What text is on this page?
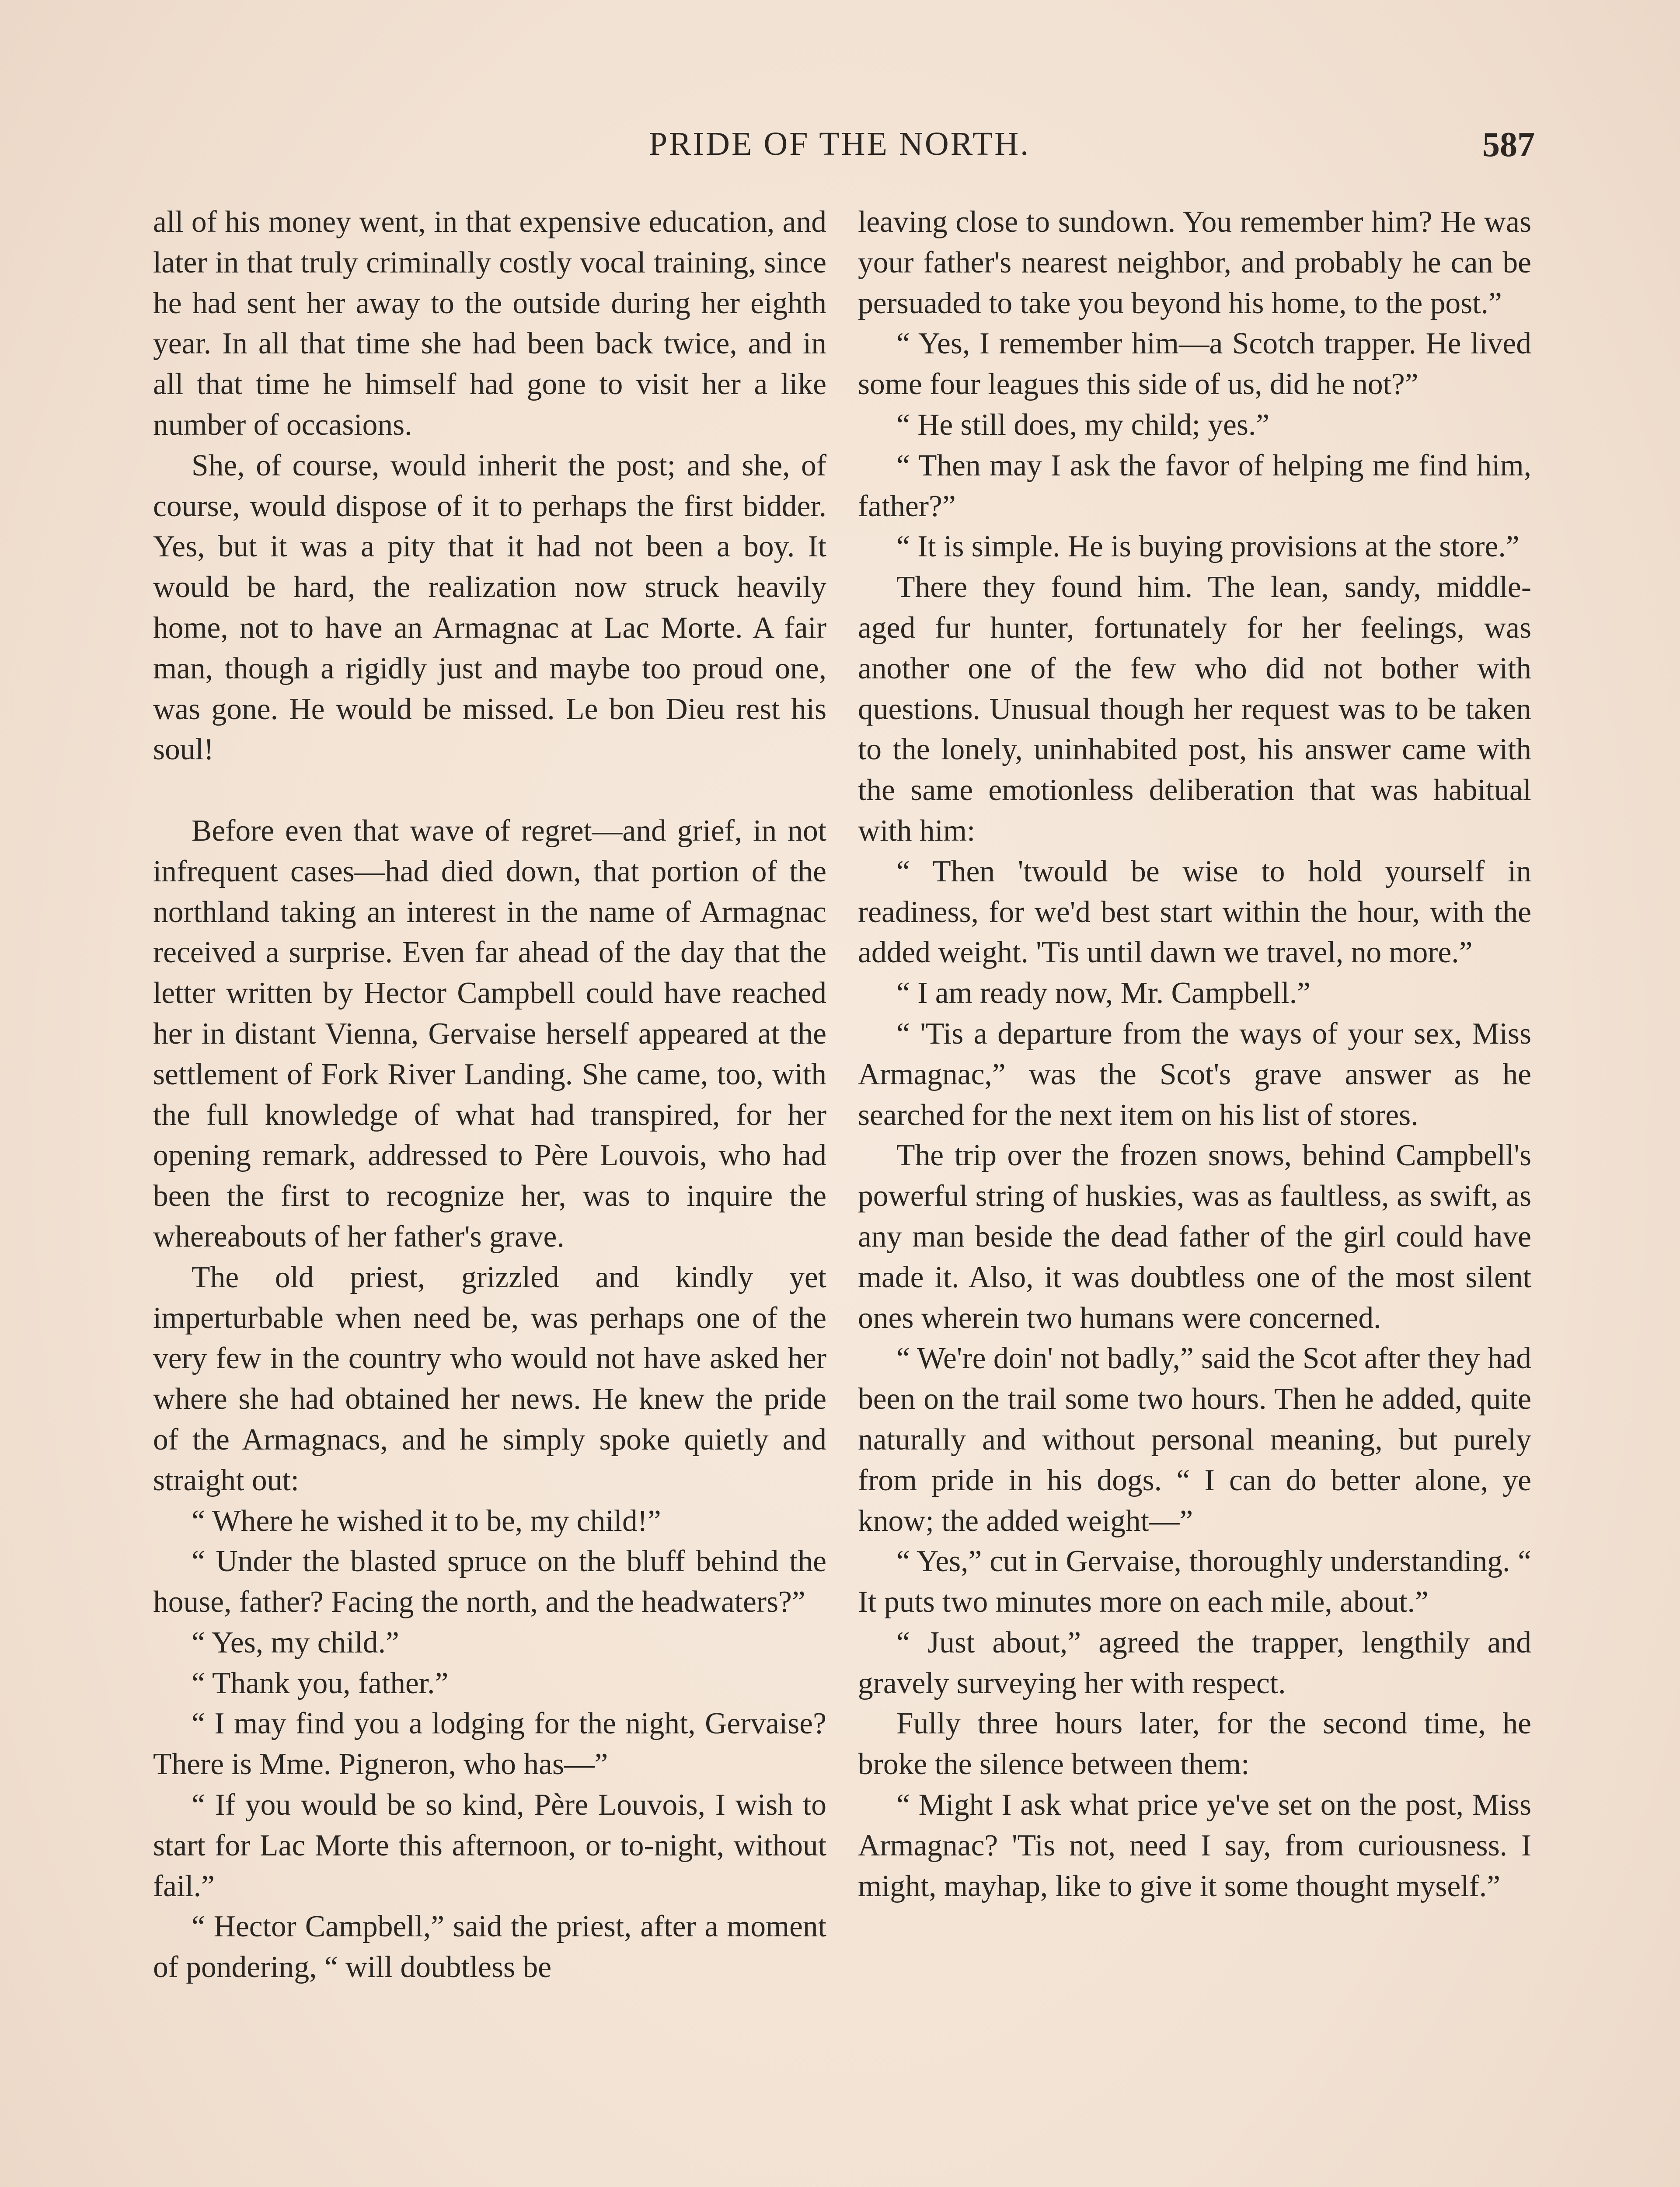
PRIDE OF THE NORTH.	587

all of his money went, in that expensive education, and later in that truly criminally costly vocal training, since he had sent her away to the outside during her eighth year. In all that time she had been back twice, and in all that time he himself had gone to visit her a like number of occasions.

She, of course, would inherit the post; and she, of course, would dispose of it to perhaps the first bidder. Yes, but it was a pity that it had not been a boy. It would be hard, the realization now struck heavily home, not to have an Armagnac at Lac Morte. A fair man, though a rigidly just and maybe too proud one, was gone. He would be missed. Le bon Dieu rest his soul!

Before even that wave of regret—and grief, in not infrequent cases—had died down, that portion of the northland taking an interest in the name of Armagnac received a surprise. Even far ahead of the day that the letter written by Hector Campbell could have reached her in distant Vienna, Gervaise herself appeared at the settlement of Fork River Landing. She came, too, with the full knowledge of what had transpired, for her opening remark, addressed to Père Louvois, who had been the first to recognize her, was to inquire the whereabouts of her father's grave.

The old priest, grizzled and kindly yet imperturbable when need be, was perhaps one of the very few in the country who would not have asked her where she had obtained her news. He knew the pride of the Armagnacs, and he simply spoke quietly and straight out:

“ Where he wished it to be, my child!”

“ Under the blasted spruce on the bluff behind the house, father? Facing the north, and the headwaters?”

“ Yes, my child.”

“ Thank you, father.”

“ I may find you a lodging for the night, Gervaise? There is Mme. Pigneron, who has—”

“ If you would be so kind, Père Louvois, I wish to start for Lac Morte this afternoon, or to-night, without fail.”

“ Hector Campbell,” said the priest, after a moment of pondering, “ will doubtless be

leaving close to sundown. You remember him? He was your father's nearest neighbor, and probably he can be persuaded to take you beyond his home, to the post.”

“ Yes, I remember him—a Scotch trapper. He lived some four leagues this side of us, did he not?”

“ He still does, my child; yes.”

“ Then may I ask the favor of helping me find him, father?”

“ It is simple. He is buying provisions at the store.”

There they found him. The lean, sandy, middle-aged fur hunter, fortunately for her feelings, was another one of the few who did not bother with questions. Unusual though her request was to be taken to the lonely, uninhabited post, his answer came with the same emotionless deliberation that was habitual with him:

“ Then 'twould be wise to hold yourself in readiness, for we'd best start within the hour, with the added weight. 'Tis until dawn we travel, no more.”

“ I am ready now, Mr. Campbell.”

“ 'Tis a departure from the ways of your sex, Miss Armagnac,” was the Scot's grave answer as he searched for the next item on his list of stores.

The trip over the frozen snows, behind Campbell's powerful string of huskies, was as faultless, as swift, as any man beside the dead father of the girl could have made it. Also, it was doubtless one of the most silent ones wherein two humans were concerned.

“ We're doin' not badly,” said the Scot after they had been on the trail some two hours. Then he added, quite naturally and without personal meaning, but purely from pride in his dogs. “ I can do better alone, ye know; the added weight—”

“ Yes,” cut in Gervaise, thoroughly understanding. “ It puts two minutes more on each mile, about.”

“ Just about,” agreed the trapper, lengthily and gravely surveying her with respect.

Fully three hours later, for the second time, he broke the silence between them:

“ Might I ask what price ye've set on the post, Miss Armagnac? 'Tis not, need I say, from curiousness. I might, mayhap, like to give it some thought myself.”
